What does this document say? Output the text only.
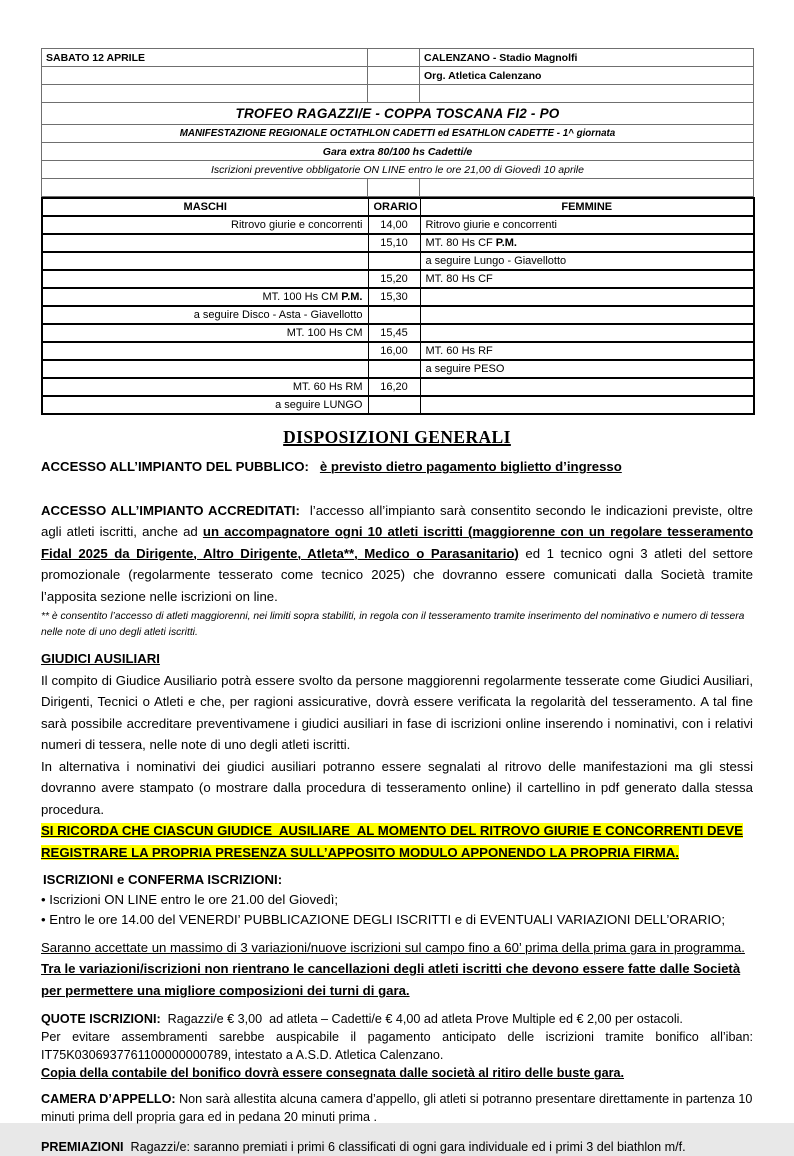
SABATO 12 APRILE		CALENZANO - Stadio Magnolfi
		Org. Atletica Calenzano

TROFEO RAGAZZI/E - COPPA TOSCANA FI2 - PO		
MANIFESTAZIONE REGIONALE OCTATHLON CADETTI ed ESATHLON CADETTE - 1^ giornata		
Gara extra 80/100 hs Cadetti/e		
Iscrizioni preventive obbligatorie ON LINE entro le ore 21,00 di Giovedì 10 aprile		

MASCHI	ORARIO	FEMMINE
Ritrovo giurie e concorrenti	14,00	Ritrovo giurie e concorrenti
	15,10	MT. 80 Hs CF P.M.
		a seguire Lungo - Giavellotto
	15,20	MT. 80 Hs CF
MT. 100 Hs CM P.M.	15,30	
a seguire Disco - Asta - Giavellotto		
MT. 100 Hs CM	15,45	
	16,00	MT. 60 Hs RF
		a seguire PESO
MT. 60 Hs RM	16,20	
a seguire LUNGO		

DISPOSIZIONI GENERALI

ACCESSO ALL’IMPIANTO DEL PUBBLICO:   è previsto dietro pagamento biglietto d’ingresso

ACCESSO ALL’IMPIANTO ACCREDITATI:  l’accesso all’impianto sarà consentito secondo le indicazioni previste, oltre agli atleti iscritti, anche ad un accompagnatore ogni 10 atleti iscritti (maggiorenne con un regolare tesseramento Fidal 2025 da Dirigente, Altro Dirigente, Atleta**, Medico o Parasanitario) ed 1 tecnico ogni 3 atleti del settore promozionale (regolarmente tesserato come tecnico 2025) che dovranno essere comunicati dalla Società tramite l’apposita sezione nelle iscrizioni on line.

** è consentito l’accesso di atleti maggiorenni, nei limiti sopra stabiliti, in regola con il tesseramento tramite inserimento del nominativo e numero di tessera nelle note di uno degli atleti iscritti.

GIUDICI AUSILIARI

Il compito di Giudice Ausiliario potrà essere svolto da persone maggiorenni regolarmente tesserate come Giudici Ausiliari, Dirigenti, Tecnici o Atleti e che, per ragioni assicurative, dovrà essere verificata la regolarità del tesseramento. A tal fine sarà possibile accreditare preventivamene i giudici ausiliari in fase di iscrizioni online inserendo i nominativi, con i relativi numeri di tessera, nelle note di uno degli atleti iscritti.

In alternativa i nominativi dei giudici ausiliari potranno essere segnalati al ritrovo delle manifestazioni ma gli stessi dovranno avere stampato (o mostrare dalla procedura di tesseramento online) il cartellino in pdf generato dalla stessa procedura.

SI RICORDA CHE CIASCUN GIUDICE  AUSILIARE  AL MOMENTO DEL RITROVO GIURIE E CONCORRENTI DEVE REGISTRARE LA PROPRIA PRESENZA SULL’APPOSITO MODULO APPONENDO LA PROPRIA FIRMA.

ISCRIZIONI e CONFERMA ISCRIZIONI:

• Iscrizioni ON LINE entro le ore 21.00 del Giovedì;

• Entro le ore 14.00 del VENERDI’ PUBBLICAZIONE DEGLI ISCRITTI e di EVENTUALI VARIAZIONI DELL’ORARIO;

Saranno accettate un massimo di 3 variazioni/nuove iscrizioni sul campo fino a 60’ prima della prima gara in programma.

Tra le variazioni/iscrizioni non rientrano le cancellazioni degli atleti iscritti che devono essere fatte dalle Società per permettere una migliore composizioni dei turni di gara.

QUOTE ISCRIZIONI:  Ragazzi/e € 3,00  ad atleta – Cadetti/e € 4,00 ad atleta Prove Multiple ed € 2,00 per ostacoli.

Per evitare assembramenti sarebbe auspicabile il pagamento anticipato delle iscrizioni tramite bonifico all’iban: IT75K0306937761100000000789, intestato a A.S.D. Atletica Calenzano.

Copia della contabile del bonifico dovrà essere consegnata dalle società al ritiro delle buste gara.

CAMERA D’APPELLO: Non sarà allestita alcuna camera d’appello, gli atleti si potranno presentare direttamente in partenza 10 minuti prima dell propria gara ed in pedana 20 minuti prima .

PREMIAZIONI  Ragazzi/e: saranno premiati i primi 6 classificati di ogni gara individuale ed i primi 3 del biathlon m/f.
